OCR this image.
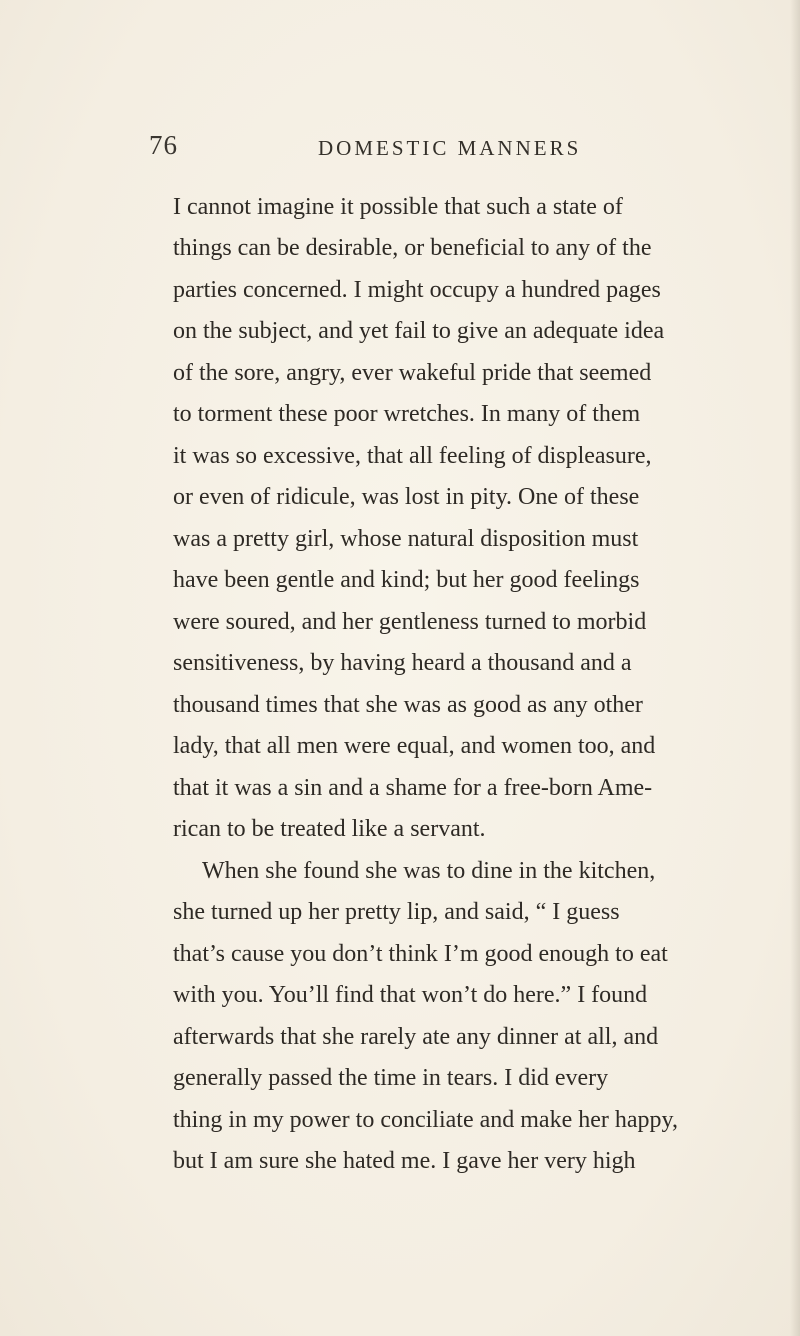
76	DOMESTIC MANNERS
I cannot imagine it possible that such a state of
things can be desirable, or beneficial to any of the
parties concerned. I might occupy a hundred pages
on the subject, and yet fail to give an adequate idea
of the sore, angry, ever wakeful pride that seemed
to torment these poor wretches. In many of them
it was so excessive, that all feeling of displeasure,
or even of ridicule, was lost in pity. One of these
was a pretty girl, whose natural disposition must
have been gentle and kind; but her good feelings
were soured, and her gentleness turned to morbid
sensitiveness, by having heard a thousand and a
thousand times that she was as good as any other
lady, that all men were equal, and women too, and
that it was a sin and a shame for a free-born Ame-
rican to be treated like a servant.
When she found she was to dine in the kitchen,
she turned up her pretty lip, and said, “ I guess
that’s cause you don’t think I’m good enough to eat
with you. You’ll find that won’t do here.” I found
afterwards that she rarely ate any dinner at all, and
generally passed the time in tears. I did every
thing in my power to conciliate and make her happy,
but I am sure she hated me. I gave her very high
